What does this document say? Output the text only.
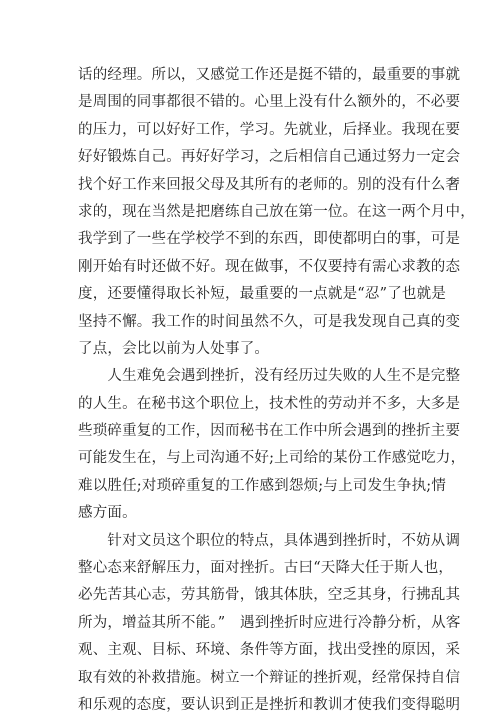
话的经理。所以，又感觉工作还是挺不错的，最重要的事就
是周围的同事都很不错的。心里上没有什么额外的，不必要
的压力，可以好好工作，学习。先就业，后择业。我现在要
好好锻炼自己。再好好学习，之后相信自己通过努力一定会
找个好工作来回报父母及其所有的老师的。别的没有什么奢
求的，现在当然是把磨练自己放在第一位。在这一两个月中，
我学到了一些在学校学不到的东西，即使都明白的事，可是
刚开始有时还做不好。现在做事，不仅要持有需心求教的态
度，还要懂得取长补短，最重要的一点就是“忍”了也就是
坚持不懈。我工作的时间虽然不久，可是我发现自己真的变
了点，会比以前为人处事了。
　　人生难免会遇到挫折，没有经历过失败的人生不是完整
的人生。在秘书这个职位上，技术性的劳动并不多，大多是
些琐碎重复的工作，因而秘书在工作中所会遇到的挫折主要
可能发生在，与上司沟通不好;上司给的某份工作感觉吃力，
难以胜任;对琐碎重复的工作感到怨烦;与上司发生争执;情
感方面。
　　针对文员这个职位的特点，具体遇到挫折时，不妨从调
整心态来舒解压力，面对挫折。古曰“天降大任于斯人也，
必先苦其心志，劳其筋骨，饿其体肤，空乏其身，行拂乱其
所为，增益其所不能。”　遇到挫折时应进行冷静分析，从客
观、主观、目标、环境、条件等方面，找出受挫的原因，采
取有效的补救措施。树立一个辩证的挫折观，经常保持自信
和乐观的态度，要认识到正是挫折和教训才使我们变得聪明
